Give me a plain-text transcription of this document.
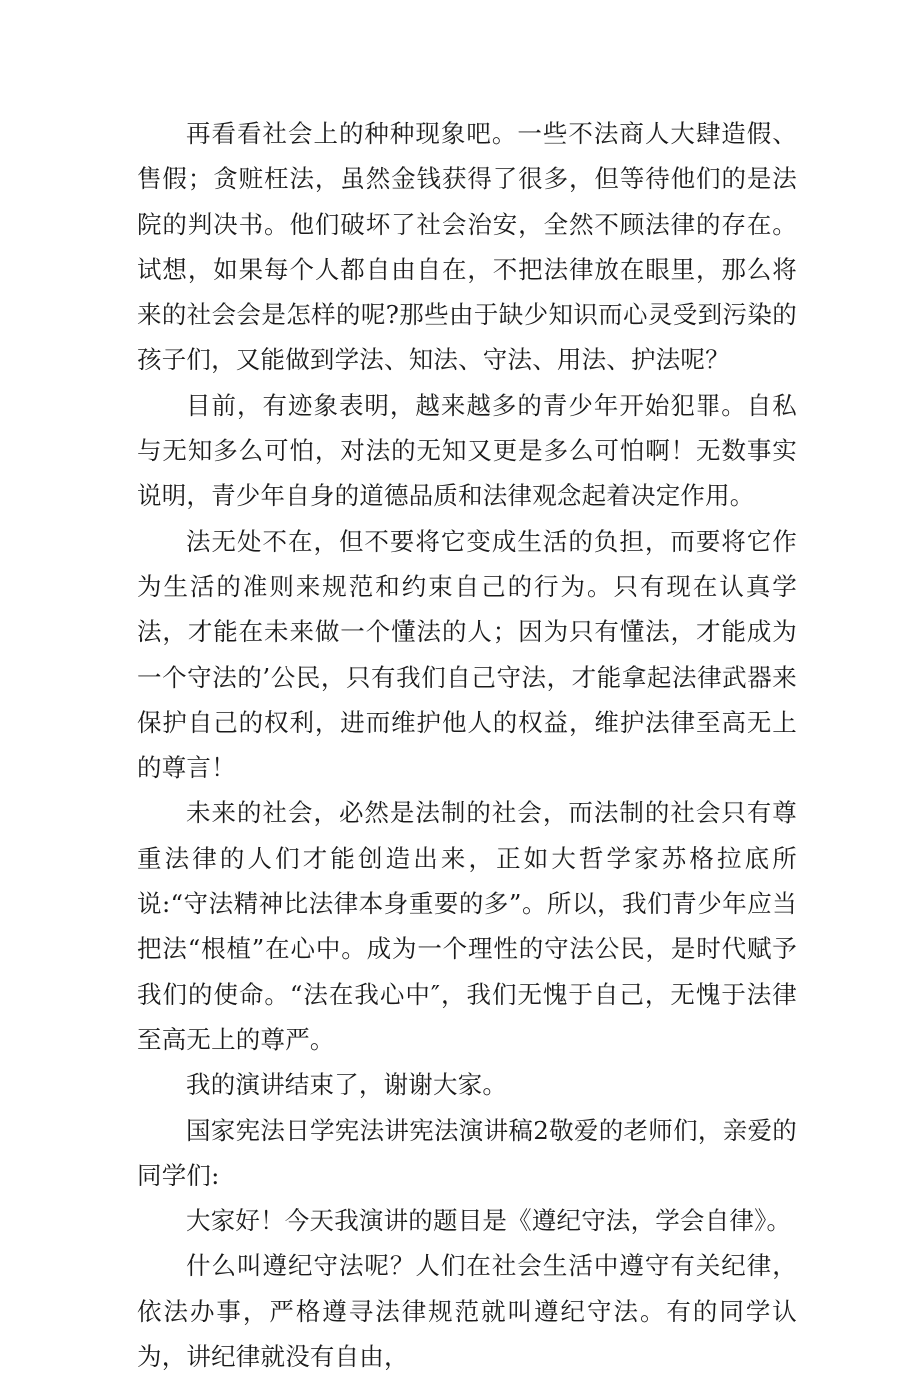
再看看社会上的种种现象吧。一些不法商人大肆造假、售假；贪赃枉法，虽然金钱获得了很多，但等待他们的是法院的判决书。他们破坏了社会治安，全然不顾法律的存在。试想，如果每个人都自由自在，不把法律放在眼里，那么将来的社会会是怎样的呢?那些由于缺少知识而心灵受到污染的孩子们，又能做到学法、知法、守法、用法、护法呢？

目前，有迹象表明，越来越多的青少年开始犯罪。自私与无知多么可怕，对法的无知又更是多么可怕啊！无数事实说明，青少年自身的道德品质和法律观念起着决定作用。

法无处不在，但不要将它变成生活的负担，而要将它作为生活的准则来规范和约束自己的行为。只有现在认真学法，才能在未来做一个懂法的人；因为只有懂法，才能成为一个守法的’公民，只有我们自己守法，才能拿起法律武器来保护自己的权利，进而维护他人的权益，维护法律至高无上的尊言！

未来的社会，必然是法制的社会，而法制的社会只有尊重法律的人们才能创造出来，正如大哲学家苏格拉底所说:“守法精神比法律本身重要的多”。所以，我们青少年应当把法“根植”在心中。成为一个理性的守法公民，是时代赋予我们的使命。“法在我心中″，我们无愧于自己，无愧于法律至高无上的尊严。

我的演讲结束了，谢谢大家。

国家宪法日学宪法讲宪法演讲稿2敬爱的老师们，亲爱的同学们:

大家好！今天我演讲的题目是《遵纪守法，学会自律》。

什么叫遵纪守法呢？人们在社会生活中遵守有关纪律，依法办事，严格遵寻法律规范就叫遵纪守法。有的同学认为，讲纪律就没有自由，
